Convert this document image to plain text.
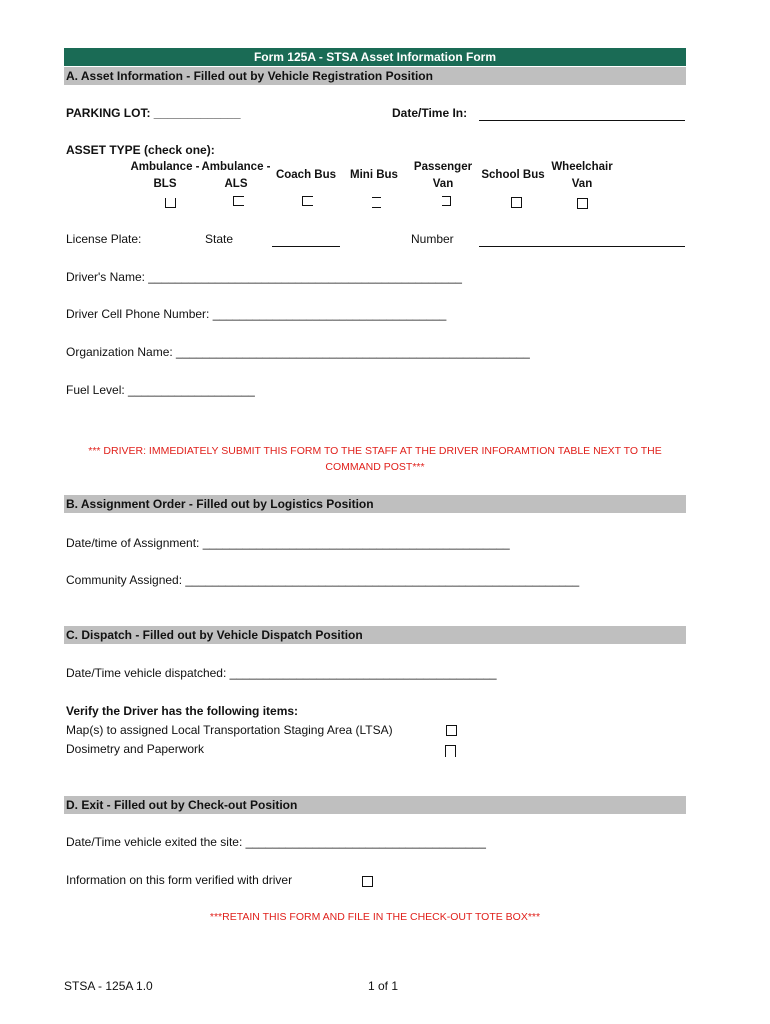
Form 125A - STSA Asset Information Form
A. Asset Information - Filled out by Vehicle Registration Position
PARKING LOT: _____________	Date/Time In:
ASSET TYPE (check one):
Ambulance -
BLS
Ambulance -
ALS
Coach Bus	Mini Bus
Passenger
Van
School Bus
Wheelchair
Van
License Plate:	State	Number
Driver's Name: _______________________________________________
Driver Cell Phone Number: ___________________________________
Organization Name: _____________________________________________________
Fuel Level: ___________________
*** DRIVER: IMMEDIATELY SUBMIT THIS FORM TO THE STAFF AT THE DRIVER INFORAMTION TABLE NEXT TO THE
COMMAND POST***
B. Assignment Order - Filled out by Logistics Position
Date/time of Assignment: ______________________________________________
Community Assigned: ___________________________________________________________
C. Dispatch - Filled out by Vehicle Dispatch Position
Date/Time vehicle dispatched: ________________________________________
Verify the Driver has the following items:
Map(s) to assigned Local Transportation Staging Area (LTSA)
Dosimetry and Paperwork
D. Exit - Filled out by Check-out Position
Date/Time vehicle exited the site: ____________________________________
Information on this form verified with driver
***RETAIN THIS FORM AND FILE IN THE CHECK-OUT TOTE BOX***
STSA - 125A 1.0	1 of 1
